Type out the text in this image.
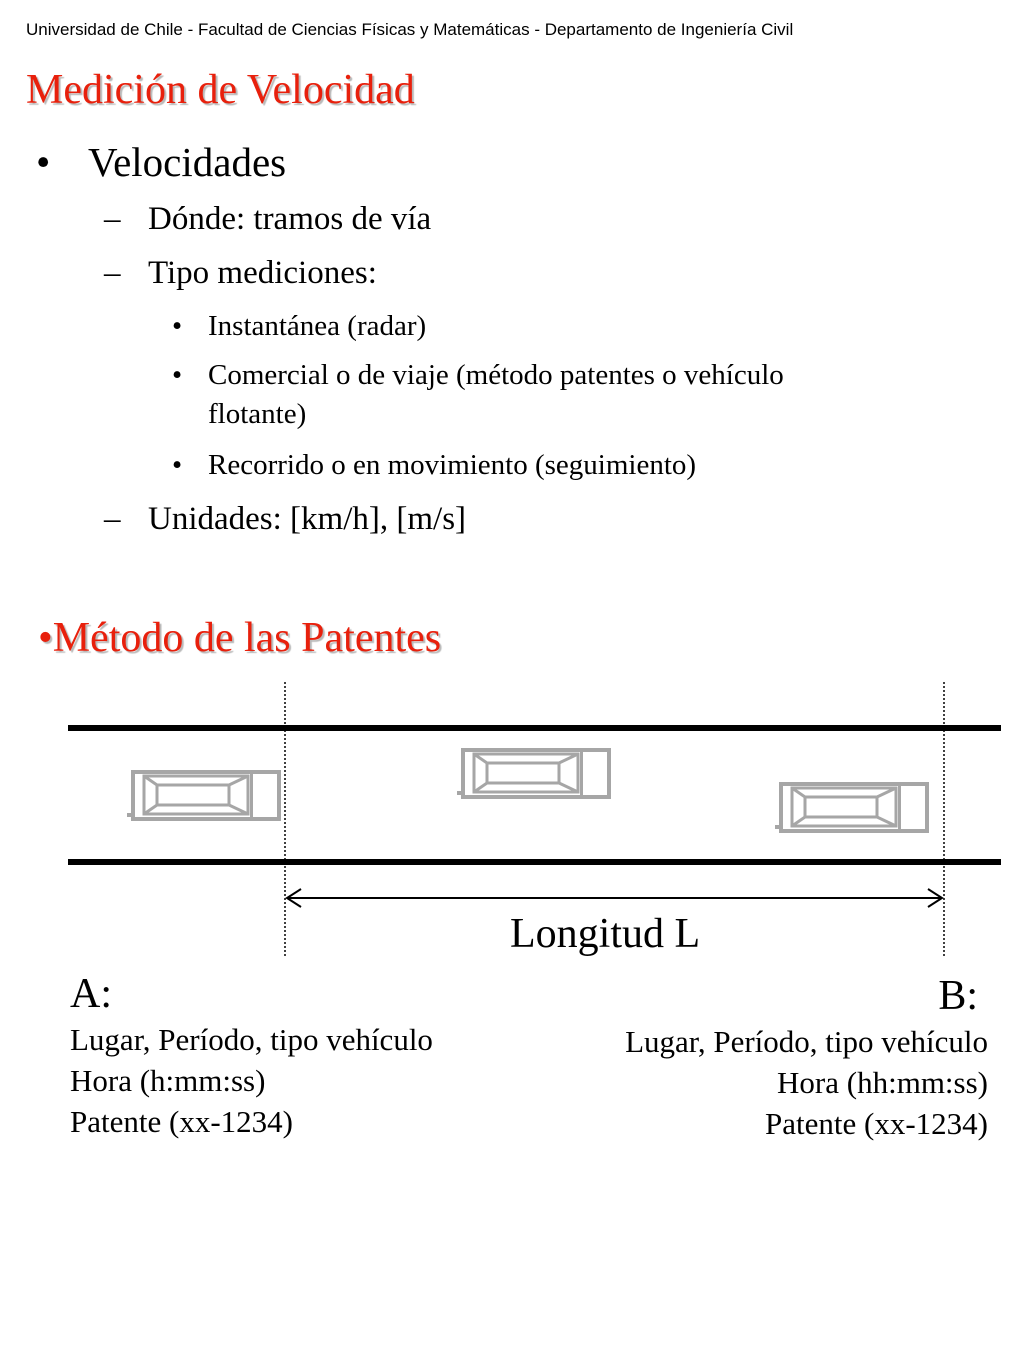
Universidad de Chile - Facultad de Ciencias Físicas y Matemáticas - Departamento de Ingeniería Civil
Medición de Velocidad
• Velocidades
– Dónde: tramos de vía
– Tipo mediciones:
• Instantánea (radar)
• Comercial o de viaje (método patentes o vehículo
flotante)
• Recorrido o en movimiento (seguimiento)
– Unidades: [km/h], [m/s]
•Método de las Patentes
Longitud L
A:
Lugar, Período, tipo vehículo
Hora (h:mm:ss)
Patente (xx-1234)
B:
Lugar, Período, tipo vehículo
Hora (hh:mm:ss)
Patente (xx-1234)
